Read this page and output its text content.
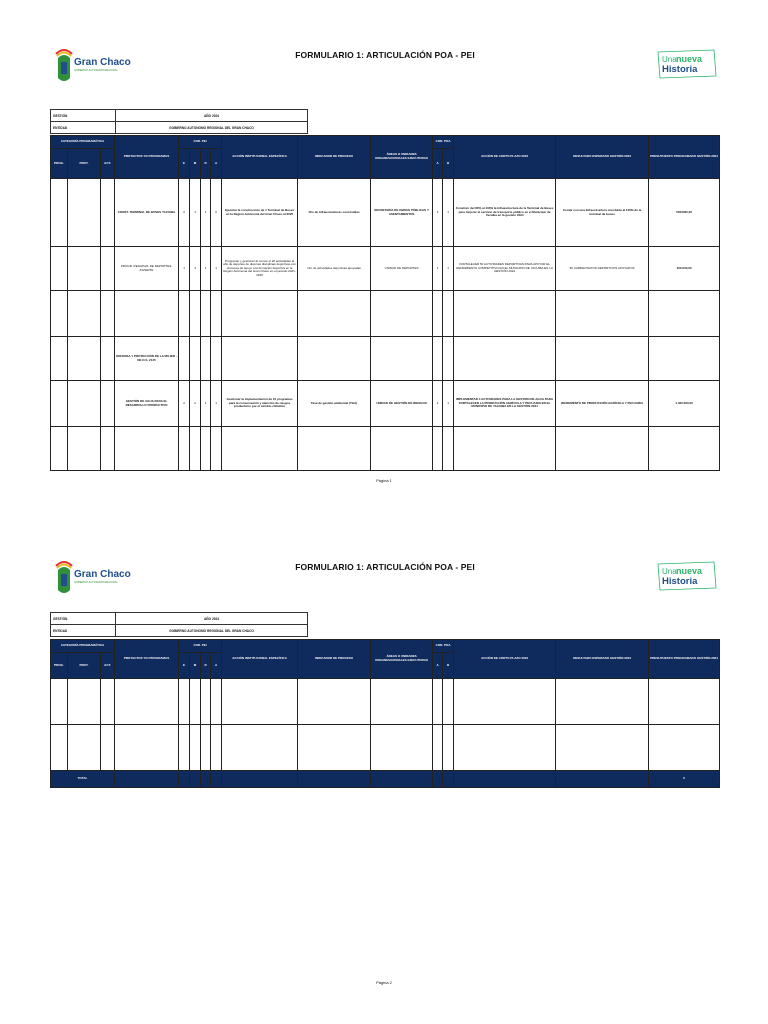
Gran Chaco
GOBIERNO AUTÓNOMO REGIONAL
FORMULARIO 1: ARTICULACIÓN POA - PEI	Una nueva
Historia
GESTIÓN	AÑO 2024
ENTIDAD	GOBIERNO AUTONOMO REGIONAL DEL GRAN CHACO
CATEGORÍA PROGRAMÁTICA			PROYECTOS Y/O PROGRAMAS	COD. PEI				ACCIÓN INSTITUCIONAL ESPECÍFICA	INDICADOR DE PROCESO	ÁREAS O UNIDADES ORGANIZACIONALES EJECUTORAS	COD. POA		ACCIÓN DE CORTO PLAZO 2024	RESULTADO ESPERADO GESTIÓN 2024	PRESUPUESTO PROGRAMADO GESTIÓN 2024
PROG.	PROY.	ACT.		E	M	R	A				A	B			
			CONST. TERMINAL DE BUSES YACUIBA	2	1	1	6	Ejecutar la construcción de 1 Terminal de Buses en la Región Autónoma del Gran Chaco al 2025	Nro de Infraestructuras construidas	SECRETARÍA DE OBRAS PÚBLICAS Y ASENTAMIENTOS	4	1	Construir del 80% al 100% la Infraestructura de la Terminal de Buses para mejorar el servicio de transporte público en el Municipio de Yacuiba en la gestión 2024	Contar con una Infraestructura concluida al 100% de la terminal de buses	5303030,00
			PROGR. REGIONAL DE DEPORTES- INVIERTE	1	3	1	1	Programar y gestionar al menos el 20 actividades al año de deportes de diversas disciplinas deportivas con procesos de apoyo a la formación deportiva en la Región Autónoma del Gran Chaco en el periodo 2021-2025	Nro de actividades deportivas apoyadas	UNIDAD DE DEPORTES	1	1	FORTALECER 50 ACTIVIDADES DEPORTIVAS PARA APOYAR EL RENDIMIENTO COMPETITIVO EN EL MUNICIPIO DE YACUIBA EN LA GESTIÓN 2024	50 CAMPEONATOS DEPORTIVOS APOYADOS	400.000,00

			DEFENSA Y PROTECCIÓN DE LA MUJER - DE D.S. 2145												
			GESTIÓN DE AGUA PARA EL DESARROLLO PRODUCTIVO	2	2	1	1	Gestionar la implementación de 10 programas para la conservación y atención de riesgos productivos por el cambio climático	Tasa de gestión ambiental (TGA)	UNIDAD DE GESTIÓN DE RIESGOS	4	1	IMPLEMENTAR 4 ACTIVIDADES PARA LA GESTIÓN DE AGUA PARA FORTALECER LA PRODUCCIÓN AGRÍCOLA Y PECUARIA EN EL MUNICIPIO DE YACUIBA EN LA GESTIÓN 2024	INCREMENTO DE PRODUCCIÓN AGRÍCOLA Y PECUARIA	1.460.000,00

Página 1
Gran Chaco
GOBIERNO AUTÓNOMO REGIONAL
FORMULARIO 1: ARTICULACIÓN POA - PEI	Una nueva
Historia
GESTIÓN	AÑO 2024
ENTIDAD	GOBIERNO AUTONOMO REGIONAL DEL GRAN CHACO
CATEGORÍA PROGRAMÁTICA			PROYECTOS Y/O PROGRAMAS	COD. PEI				ACCIÓN INSTITUCIONAL ESPECÍFICA	INDICADOR DE PROCESO	ÁREAS O UNIDADES ORGANIZACIONALES EJECUTORAS	COD. POA		ACCIÓN DE CORTO PLAZO 2024	RESULTADO ESPERADO GESTIÓN 2024	PRESUPUESTO PROGRAMADO GESTIÓN 2024
PROG.	PROY.	ACT.		E	M	R	A				A	B			

TOTAL															0
Página 2
